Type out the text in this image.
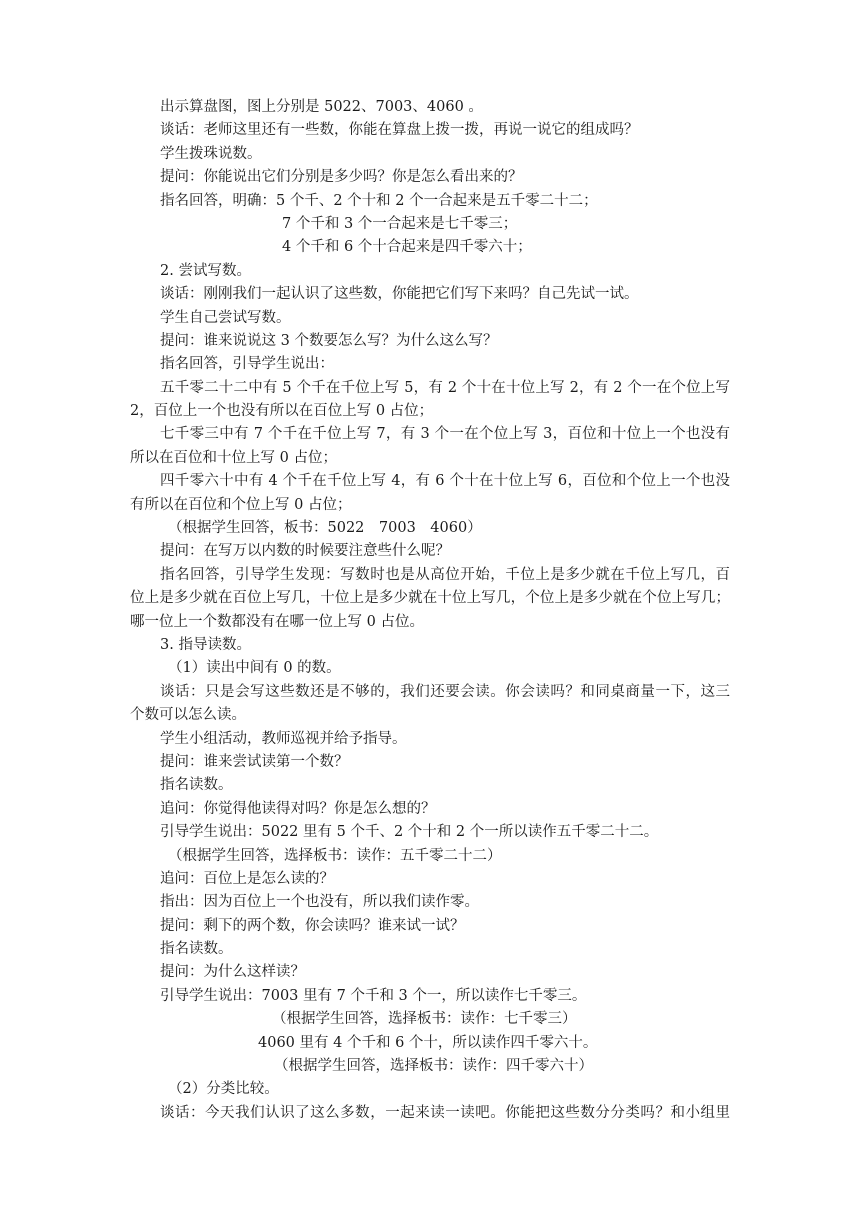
出示算盘图，图上分别是 5022、7003、4060 。
谈话：老师这里还有一些数，你能在算盘上拨一拨，再说一说它的组成吗？
学生拨珠说数。
提问：你能说出它们分别是多少吗？你是怎么看出来的？
指名回答，明确：5 个千、2 个十和 2 个一合起来是五千零二十二；
7 个千和 3 个一合起来是七千零三；
4 个千和 6 个十合起来是四千零六十；
2. 尝试写数。
谈话：刚刚我们一起认识了这些数，你能把它们写下来吗？自己先试一试。
学生自己尝试写数。
提问：谁来说说这 3 个数要怎么写？为什么这么写？
指名回答，引导学生说出：
五千零二十二中有 5 个千在千位上写 5，有 2 个十在十位上写 2，有 2 个一在个位上写
2，百位上一个也没有所以在百位上写 0 占位；
七千零三中有 7 个千在千位上写 7，有 3 个一在个位上写 3，百位和十位上一个也没有
所以在百位和十位上写 0 占位；
四千零六十中有 4 个千在千位上写 4，有 6 个十在十位上写 6，百位和个位上一个也没
有所以在百位和个位上写 0 占位；
（根据学生回答，板书：5022　7003　4060）
提问：在写万以内数的时候要注意些什么呢？
指名回答，引导学生发现：写数时也是从高位开始，千位上是多少就在千位上写几，百
位上是多少就在百位上写几，十位上是多少就在十位上写几，个位上是多少就在个位上写几；
哪一位上一个数都没有在哪一位上写 0 占位。
3. 指导读数。
（1）读出中间有 0 的数。
谈话：只是会写这些数还是不够的，我们还要会读。你会读吗？和同桌商量一下，这三
个数可以怎么读。
学生小组活动，教师巡视并给予指导。
提问：谁来尝试读第一个数？
指名读数。
追问：你觉得他读得对吗？你是怎么想的？
引导学生说出：5022 里有 5 个千、2 个十和 2 个一所以读作五千零二十二。
（根据学生回答，选择板书：读作：五千零二十二）
追问：百位上是怎么读的？
指出：因为百位上一个也没有，所以我们读作零。
提问：剩下的两个数，你会读吗？谁来试一试？
指名读数。
提问：为什么这样读？
引导学生说出：7003 里有 7 个千和 3 个一，所以读作七千零三。
（根据学生回答，选择板书：读作：七千零三）
4060 里有 4 个千和 6 个十，所以读作四千零六十。
（根据学生回答，选择板书：读作：四千零六十）
（2）分类比较。
谈话：今天我们认识了这么多数，一起来读一读吧。你能把这些数分分类吗？和小组里
